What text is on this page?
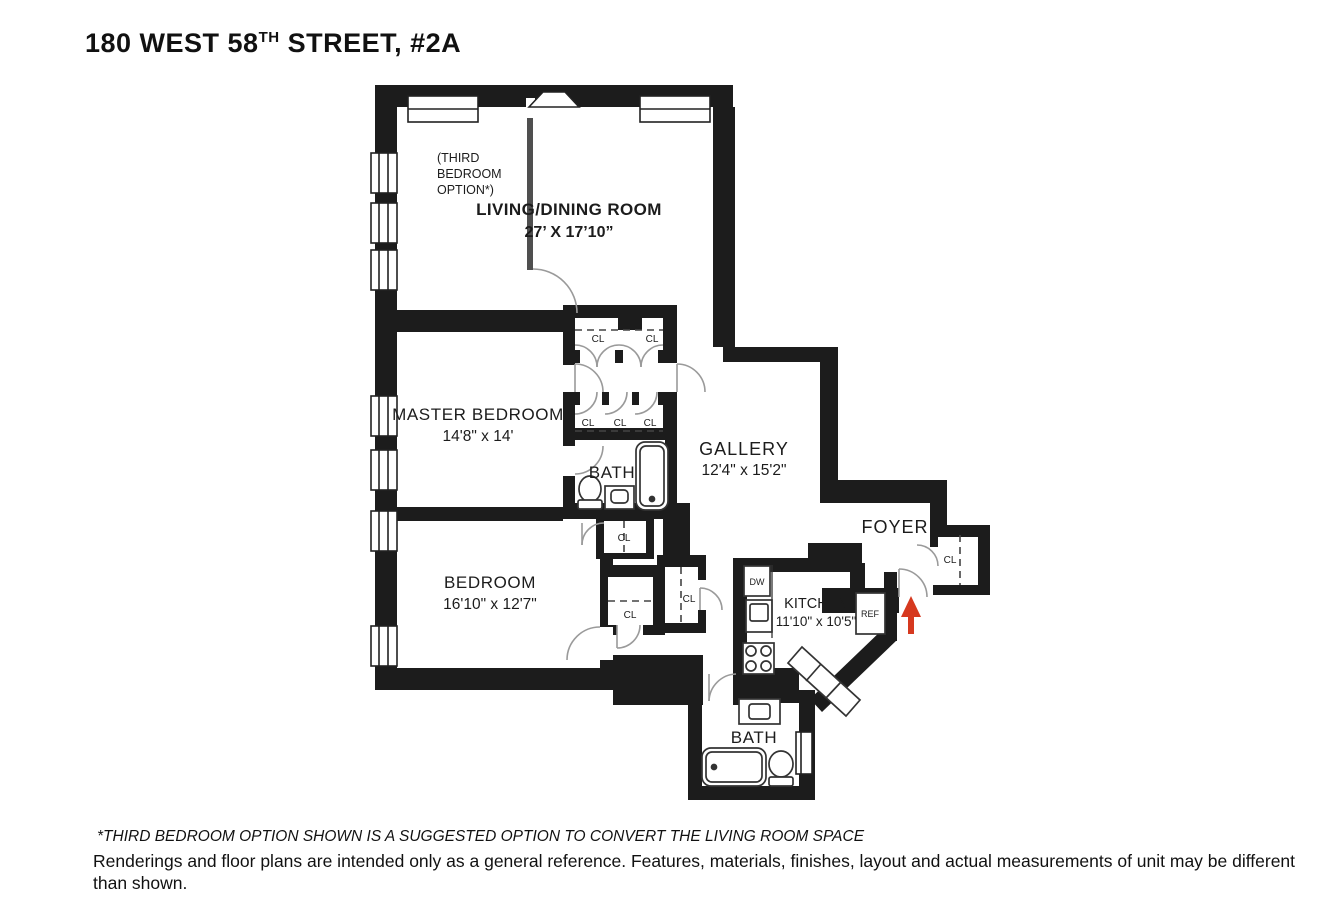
180 WEST 58TH STREET, #2A
LIVING/DINING ROOM
27’ X 17’10”
(THIRD
BEDROOM
OPTION*)
MASTER BEDROOM
14'8" x 14'
GALLERY
12'4" x 15'2"
FOYER
BEDROOM
16'10" x 12'7"
BATH
BATH
KITCHEN
11'10" x 10'5"
CL	CL
CL CL CL
CL
CL
CL
CL
DW
REF
*THIRD BEDROOM OPTION SHOWN IS A SUGGESTED OPTION TO CONVERT THE LIVING ROOM SPACE
Renderings and floor plans are intended only as a general reference. Features, materials, finishes, layout and actual measurements of unit may be different than shown.
